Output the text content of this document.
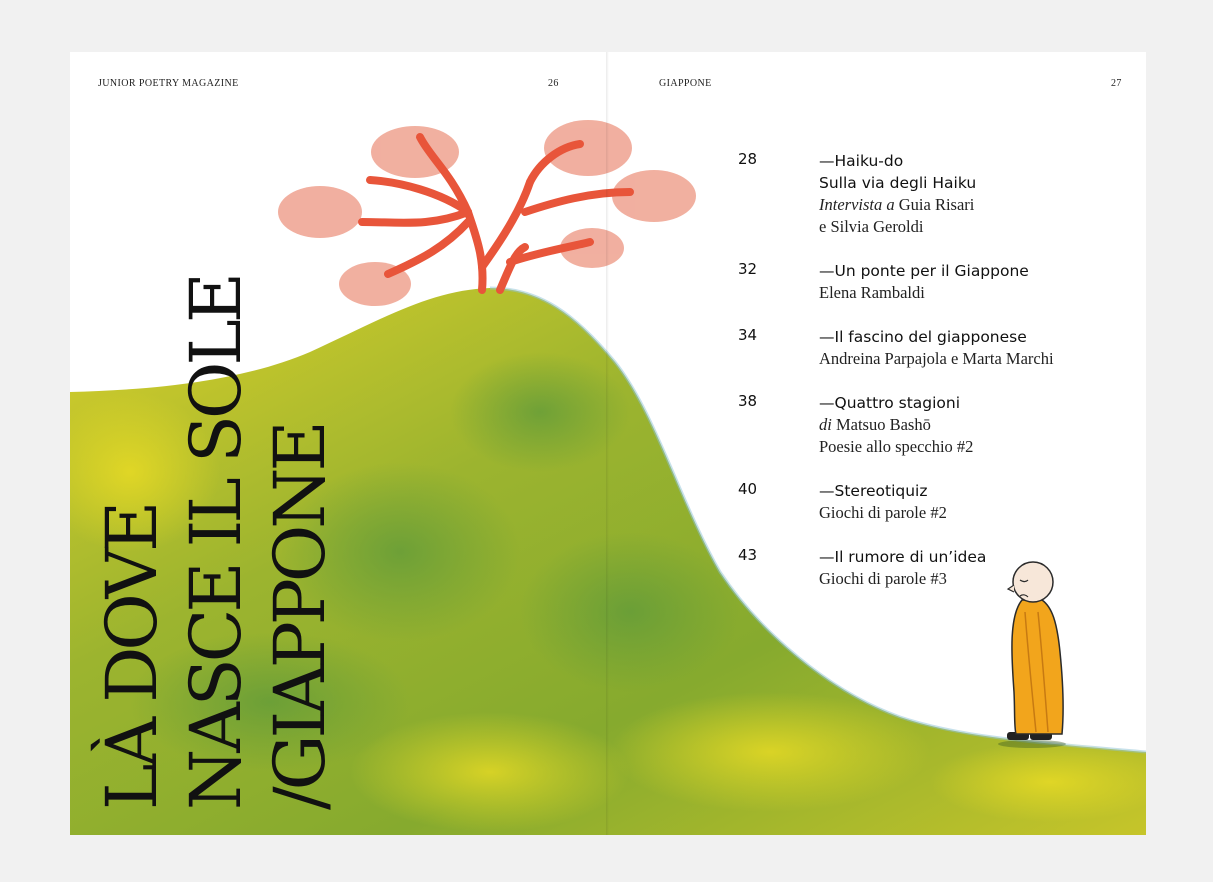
JUNIOR POETRY MAGAZINE	26	GIAPPONE	27
LÀ DOVE NASCE IL SOLE /GIAPPONE
28	—Haiku-do
Sulla via degli Haiku
Intervista a Guia Risari
e Silvia Geroldi
32	—Un ponte per il Giappone
Elena Rambaldi
34	—Il fascino del giapponese
Andreina Parpajola e Marta Marchi
38	—Quattro stagioni
di Matsuo Bashō
Poesie allo specchio #2
40	—Stereotiquiz
Giochi di parole #2
43	—Il rumore di un’idea
Giochi di parole #3
